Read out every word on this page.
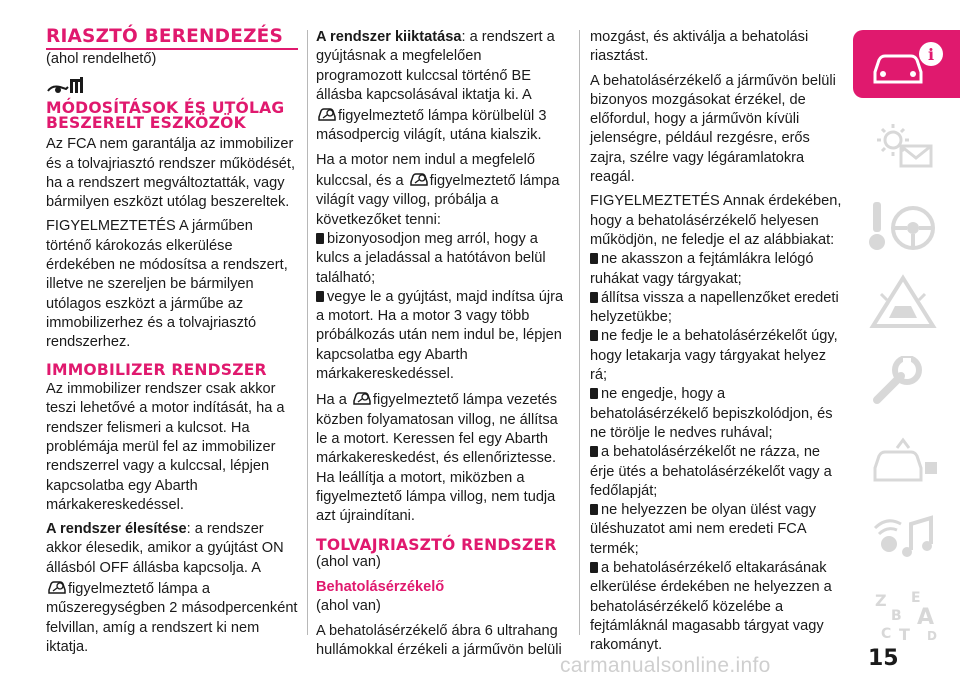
RIASZTÓ BERENDEZÉS
(ahol rendelhető)
MÓDOSÍTÁSOK ÉS UTÓLAG BESZERELT ESZKÖZÖK
Az FCA nem garantálja az immobilizer és a tolvajriasztó rendszer működését, ha a rendszert megváltoztatták, vagy bármilyen eszközt utólag beszereltek.
FIGYELMEZTETÉS A járműben történő károkozás elkerülése érdekében ne módosítsa a rendszert, illetve ne szereljen be bármilyen utólagos eszközt a járműbe az immobilizerhez és a tolvajriasztó rendszerhez.
IMMOBILIZER RENDSZER
Az immobilizer rendszer csak akkor teszi lehetővé a motor indítását, ha a rendszer felismeri a kulcsot. Ha problémája merül fel az immobilizer rendszerrel vagy a kulccsal, lépjen kapcsolatba egy Abarth márkakereskedéssel.
A rendszer élesítése: a rendszer akkor élesedik, amikor a gyújtást ON állásból OFF állásba kapcsolja. A
figyelmeztető lámpa a műszeregységben 2 másodpercenként felvillan, amíg a rendszert ki nem iktatja.
A rendszer kiiktatása: a rendszert a gyújtásnak a megfelelően programozott kulccsal történő BE állásba kapcsolásával iktatja ki. A
figyelmeztető lámpa körülbelül 3 másodpercig világít, utána kialszik.
Ha a motor nem indul a megfelelő kulccsal, és a figyelmeztető lámpa világít vagy villog, próbálja a következőket tenni:
bizonyosodjon meg arról, hogy a kulcs a jeladással a hatótávon belül található;
vegye le a gyújtást, majd indítsa újra a motort. Ha a motor 3 vagy több próbálkozás után nem indul be, lépjen kapcsolatba egy Abarth márkakereskedéssel.
Ha a figyelmeztető lámpa vezetés közben folyamatosan villog, ne állítsa le a motort. Keressen fel egy Abarth márkakereskedést, és ellenőriztesse. Ha leállítja a motort, miközben a figyelmeztető lámpa villog, nem tudja azt újraindítani.
TOLVAJRIASZTÓ RENDSZER
(ahol van)
Behatolásérzékelő
(ahol van)
A behatolásérzékelő ábra 6 ultrahang hullámokkal érzékeli a járművön belüli
mozgást, és aktiválja a behatolási riasztást.
A behatolásérzékelő a járművön belüli bizonyos mozgásokat érzékel, de előfordul, hogy a járművön kívüli jelenségre, például rezgésre, erős zajra, szélre vagy légáramlatokra reagál.
FIGYELMEZTETÉS Annak érdekében, hogy a behatolásérzékelő helyesen működjön, ne feledje el az alábbiakat:
ne akasszon a fejtámlákra lelógó ruhákat vagy tárgyakat;
állítsa vissza a napellenzőket eredeti helyzetükbe;
ne fedje le a behatolásérzékelőt úgy, hogy letakarja vagy tárgyakat helyez rá;
ne engedje, hogy a behatolásérzékelő bepiszkolódjon, és ne törölje le nedves ruhával;
a behatolásérzékelőt ne rázza, ne érje ütés a behatolásérzékelőt vagy a fedőlapját;
ne helyezzen be olyan ülést vagy üléshuzatot ami nem eredeti FCA termék;
a behatolásérzékelő eltakarásának elkerülése érdekében ne helyezzen a behatolásérzékelő közelébe a fejtámláknál magasabb tárgyat vagy rakományt.
i
Z E
B A
C T D
15
carmanualsonline.info
